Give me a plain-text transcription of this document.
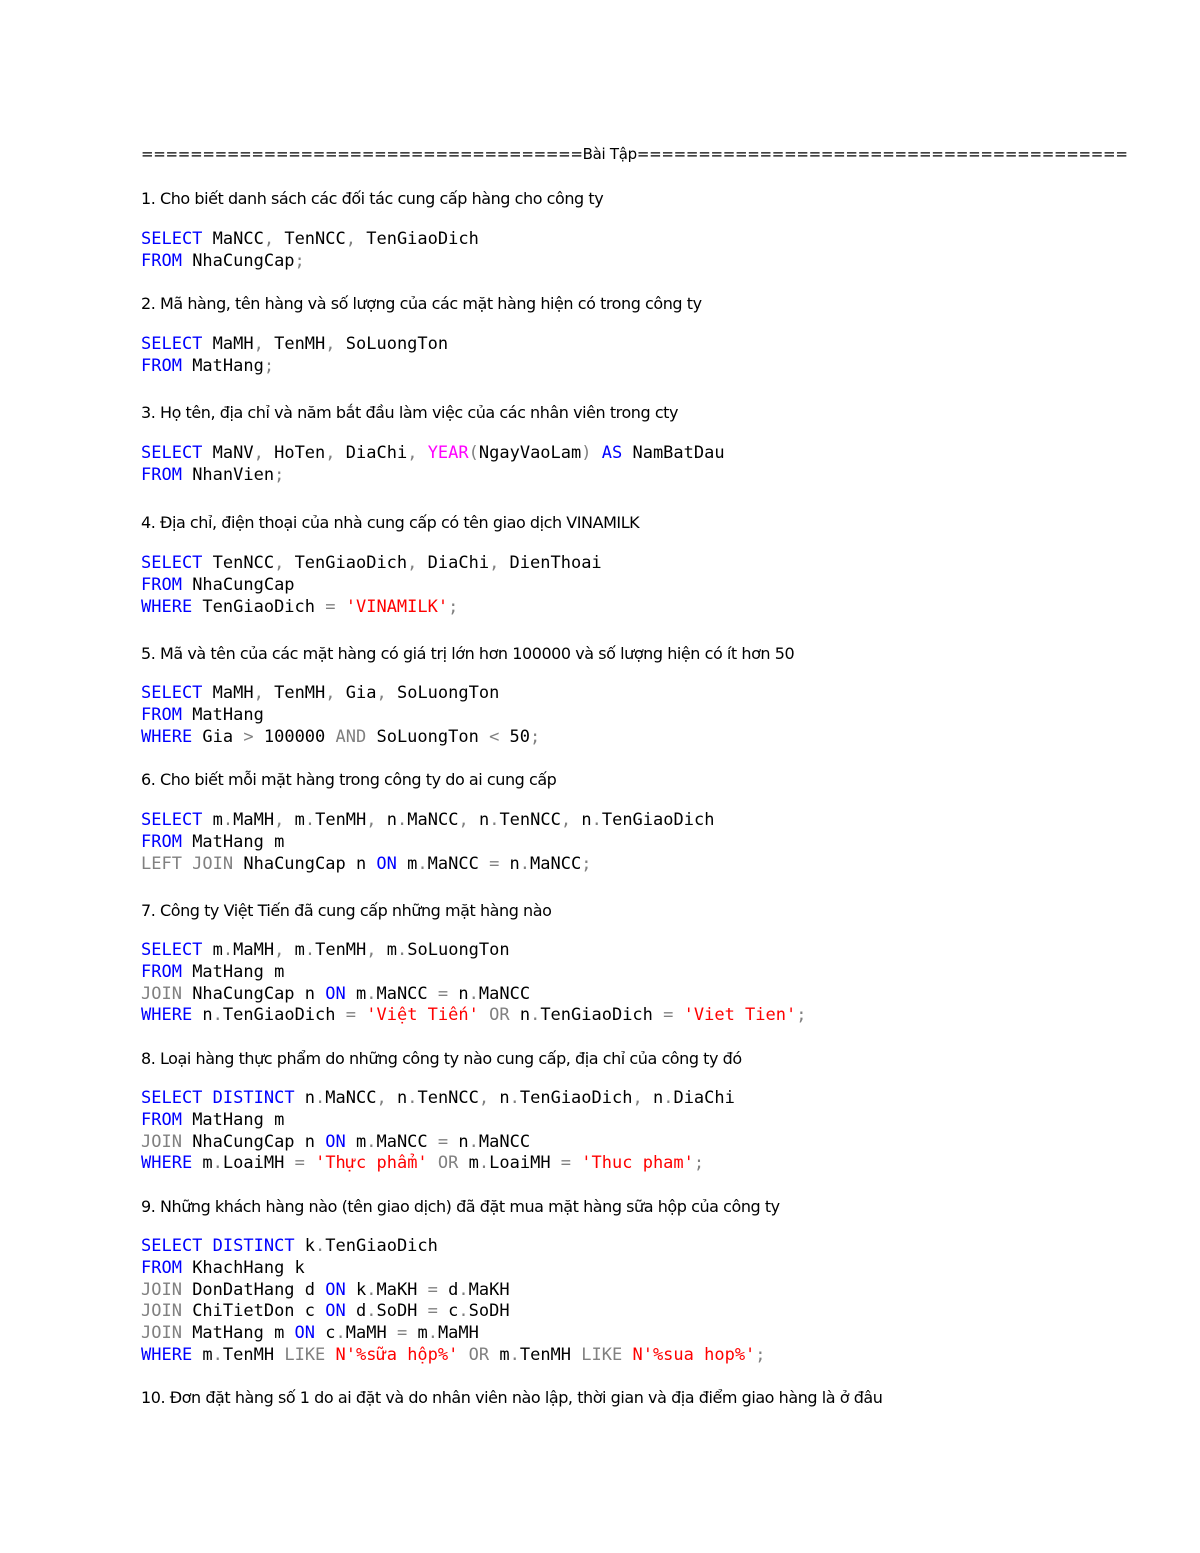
====================================Bài Tập========================================
1. Cho biết danh sách các đối tác cung cấp hàng cho công ty
SELECT MaNCC, TenNCC, TenGiaoDich
FROM NhaCungCap;
2. Mã hàng, tên hàng và số lượng của các mặt hàng hiện có trong công ty
SELECT MaMH, TenMH, SoLuongTon
FROM MatHang;
3. Họ tên, địa chỉ và năm bắt đầu làm việc của các nhân viên trong cty
SELECT MaNV, HoTen, DiaChi, YEAR(NgayVaoLam) AS NamBatDau
FROM NhanVien;
4. Địa chỉ, điện thoại của nhà cung cấp có tên giao dịch VINAMILK
SELECT TenNCC, TenGiaoDich, DiaChi, DienThoai
FROM NhaCungCap
WHERE TenGiaoDich = 'VINAMILK';
5. Mã và tên của các mặt hàng có giá trị lớn hơn 100000 và số lượng hiện có ít hơn 50
SELECT MaMH, TenMH, Gia, SoLuongTon
FROM MatHang
WHERE Gia > 100000 AND SoLuongTon < 50;
6. Cho biết mỗi mặt hàng trong công ty do ai cung cấp
SELECT m.MaMH, m.TenMH, n.MaNCC, n.TenNCC, n.TenGiaoDich
FROM MatHang m
LEFT JOIN NhaCungCap n ON m.MaNCC = n.MaNCC;
7. Công ty Việt Tiến đã cung cấp những mặt hàng nào
SELECT m.MaMH, m.TenMH, m.SoLuongTon
FROM MatHang m
JOIN NhaCungCap n ON m.MaNCC = n.MaNCC
WHERE n.TenGiaoDich = 'Việt Tiến' OR n.TenGiaoDich = 'Viet Tien';
8. Loại hàng thực phẩm do những công ty nào cung cấp, địa chỉ của công ty đó
SELECT DISTINCT n.MaNCC, n.TenNCC, n.TenGiaoDich, n.DiaChi
FROM MatHang m
JOIN NhaCungCap n ON m.MaNCC = n.MaNCC
WHERE m.LoaiMH = 'Thực phẩm' OR m.LoaiMH = 'Thuc pham';
9. Những khách hàng nào (tên giao dịch) đã đặt mua mặt hàng sữa hộp của công ty
SELECT DISTINCT k.TenGiaoDich
FROM KhachHang k
JOIN DonDatHang d ON k.MaKH = d.MaKH
JOIN ChiTietDon c ON d.SoDH = c.SoDH
JOIN MatHang m ON c.MaMH = m.MaMH
WHERE m.TenMH LIKE N'%sữa hộp%' OR m.TenMH LIKE N'%sua hop%';
10. Đơn đặt hàng số 1 do ai đặt và do nhân viên nào lập, thời gian và địa điểm giao hàng là ở đâu
